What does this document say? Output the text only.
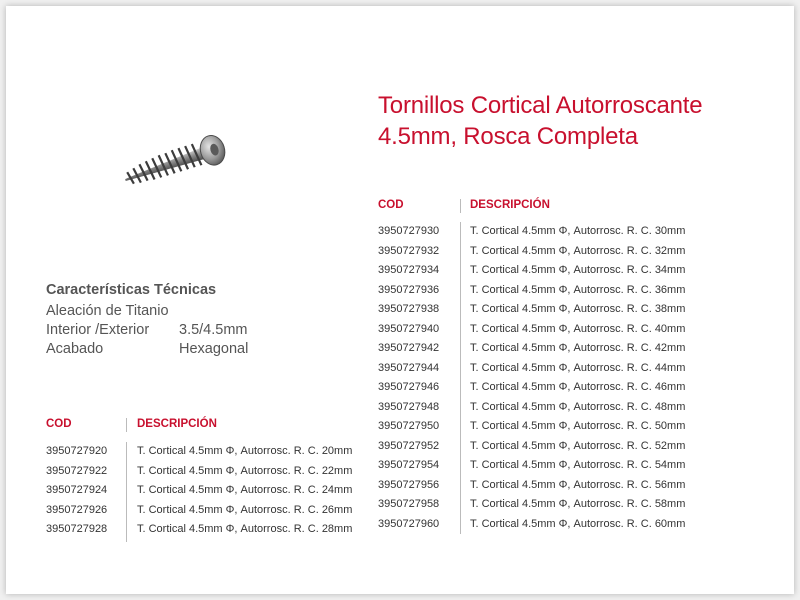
Tornillos Cortical Autorroscante
4.5mm, Rosca Completa
Características Técnicas
Aleación de Titanio
Interior /Exterior 3.5/4.5mm
Acabado	Hexagonal
COD	DESCRIPCIÓN
3950727920	T. Cortical 4.5mm Φ, Autorrosc. R. C. 20mm
3950727922	T. Cortical 4.5mm Φ, Autorrosc. R. C. 22mm
3950727924	T. Cortical 4.5mm Φ, Autorrosc. R. C. 24mm
3950727926	T. Cortical 4.5mm Φ, Autorrosc. R. C. 26mm
3950727928	T. Cortical 4.5mm Φ, Autorrosc. R. C. 28mm
COD	DESCRIPCIÓN
3950727930	T. Cortical 4.5mm Φ, Autorrosc. R. C. 30mm
3950727932	T. Cortical 4.5mm Φ, Autorrosc. R. C. 32mm
3950727934	T. Cortical 4.5mm Φ, Autorrosc. R. C. 34mm
3950727936	T. Cortical 4.5mm Φ, Autorrosc. R. C. 36mm
3950727938	T. Cortical 4.5mm Φ, Autorrosc. R. C. 38mm
3950727940	T. Cortical 4.5mm Φ, Autorrosc. R. C. 40mm
3950727942	T. Cortical 4.5mm Φ, Autorrosc. R. C. 42mm
3950727944	T. Cortical 4.5mm Φ, Autorrosc. R. C. 44mm
3950727946	T. Cortical 4.5mm Φ, Autorrosc. R. C. 46mm
3950727948	T. Cortical 4.5mm Φ, Autorrosc. R. C. 48mm
3950727950	T. Cortical 4.5mm Φ, Autorrosc. R. C. 50mm
3950727952	T. Cortical 4.5mm Φ, Autorrosc. R. C. 52mm
3950727954	T. Cortical 4.5mm Φ, Autorrosc. R. C. 54mm
3950727956	T. Cortical 4.5mm Φ, Autorrosc. R. C. 56mm
3950727958	T. Cortical 4.5mm Φ, Autorrosc. R. C. 58mm
3950727960	T. Cortical 4.5mm Φ, Autorrosc. R. C. 60mm
